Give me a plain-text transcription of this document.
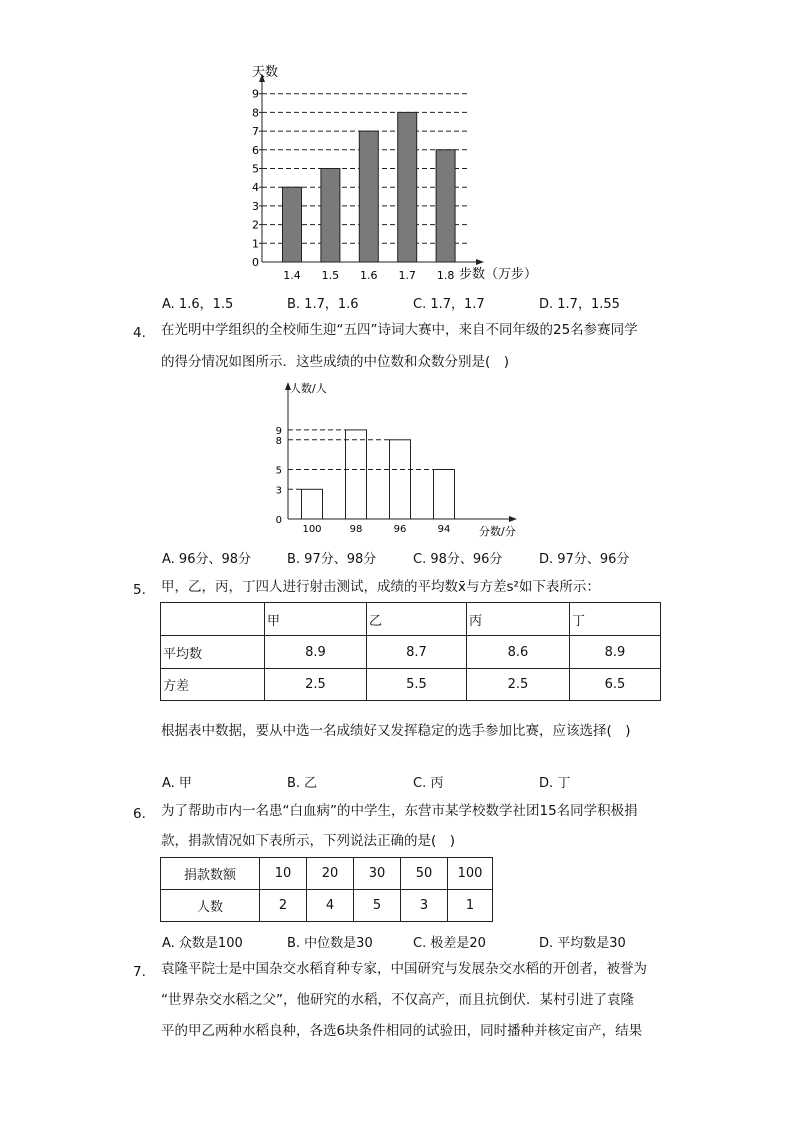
0
1
2
3
4
5
6
7
8
9
1.4 1.5 1.6 1.7 1.8
天数
步数（万步）
A. 1.6，1.5	B. 1.7，1.6	C. 1.7，1.7	D. 1.7，1.55
4. 在光明中学组织的全校师生迎“五四”诗词大赛中，来自不同年级的25名参赛同学
的得分情况如图所示．这些成绩的中位数和众数分别是(　)
100	98	96	94
0
3
5
8
9
人数/人
分数/分
A. 96分、98分	B. 97分、98分	C. 98分、96分	D. 97分、96分
5. 甲，乙，丙，丁四人进行射击测试，成绩的平均数x̄与方差s²如下表所示：
	甲	乙	丙	丁
平均数	8.9	8.7	8.6	8.9
方差	2.5	5.5	2.5	6.5
根据表中数据，要从中选一名成绩好又发挥稳定的选手参加比赛，应该选择(　)
A. 甲	B. 乙	C. 丙	D. 丁
6. 为了帮助市内一名患“白血病”的中学生，东营市某学校数学社团15名同学积极捐
款，捐款情况如下表所示，下列说法正确的是(　)
捐款数额	10	20	30	50	100
人数	2	4	5	3	1
A. 众数是100	B. 中位数是30	C. 极差是20	D. 平均数是30
7. 袁隆平院士是中国杂交水稻育种专家，中国研究与发展杂交水稻的开创者，被誉为
“世界杂交水稻之父”，他研究的水稻，不仅高产，而且抗倒伏．某村引进了袁隆
平的甲乙两种水稻良种，各选6块条件相同的试验田，同时播种并核定亩产，结果
